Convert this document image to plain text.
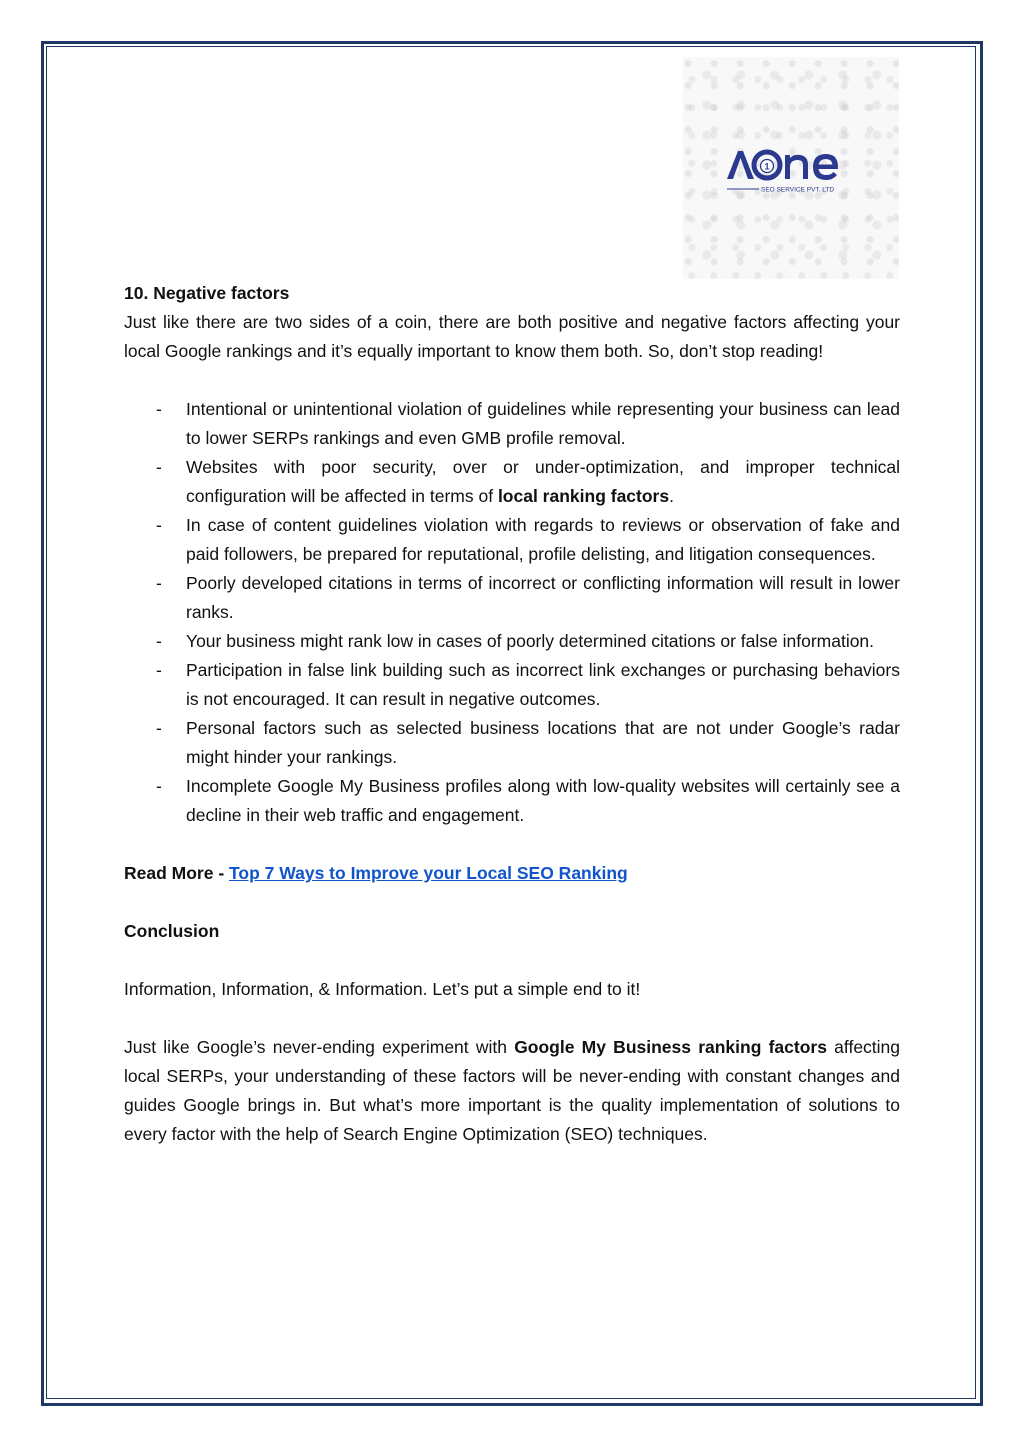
1
SEO SERVICE PVT. LTD

10. Negative factors

Just like there are two sides of a coin, there are both positive and negative factors affecting your local Google rankings and it’s equally important to know them both. So, don’t stop reading!

- Intentional or unintentional violation of guidelines while representing your business can lead to lower SERPs rankings and even GMB profile removal.
- Websites with poor security, over or under-optimization, and improper technical configuration will be affected in terms of local ranking factors.
- In case of content guidelines violation with regards to reviews or observation of fake and paid followers, be prepared for reputational, profile delisting, and litigation consequences.
- Poorly developed citations in terms of incorrect or conflicting information will result in lower ranks.
- Your business might rank low in cases of poorly determined citations or false information.
- Participation in false link building such as incorrect link exchanges or purchasing behaviors is not encouraged. It can result in negative outcomes.
- Personal factors such as selected business locations that are not under Google’s radar might hinder your rankings.
- Incomplete Google My Business profiles along with low-quality websites will certainly see a decline in their web traffic and engagement.

Read More - Top 7 Ways to Improve your Local SEO Ranking

Conclusion

Information, Information, & Information. Let’s put a simple end to it!

Just like Google’s never-ending experiment with Google My Business ranking factors affecting local SERPs, your understanding of these factors will be never-ending with constant changes and guides Google brings in. But what’s more important is the quality implementation of solutions to every factor with the help of Search Engine Optimization (SEO) techniques.
